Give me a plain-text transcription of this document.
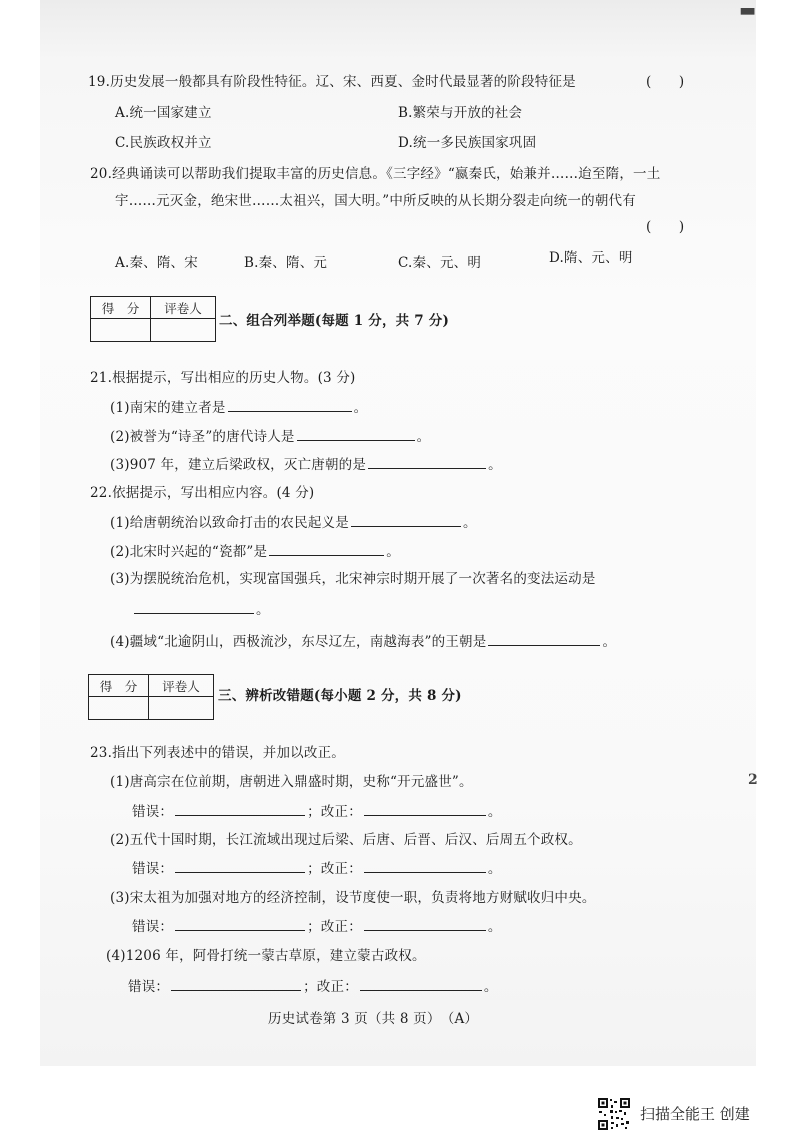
▬
19.历史发展一般都具有阶段性特征。辽、宋、西夏、金时代最显著的阶段特征是	(　　)
A.统一国家建立	B.繁荣与开放的社会
C.民族政权并立	D.统一多民族国家巩固
20.经典诵读可以帮助我们提取丰富的历史信息。《三字经》“嬴秦氏，始兼并……迨至隋，一土
宇……元灭金，绝宋世……太祖兴，国大明。”中所反映的从长期分裂走向统一的朝代有
(　　)
A.秦、隋、宋	B.秦、隋、元	C.秦、元、明	D.隋、元、明
得　分	评卷人
二、组合列举题(每题 1 分，共 7 分)
21.根据提示，写出相应的历史人物。(3 分)
(1)南宋的建立者是	。
(2)被誉为“诗圣”的唐代诗人是	。
(3)907 年，建立后梁政权，灭亡唐朝的是	。
22.依据提示，写出相应内容。(4 分)
(1)给唐朝统治以致命打击的农民起义是	。
(2)北宋时兴起的“瓷都”是	。
(3)为摆脱统治危机，实现富国强兵，北宋神宗时期开展了一次著名的变法运动是
。
(4)疆域“北逾阴山，西极流沙，东尽辽左，南越海表”的王朝是	。
得　分	评卷人
三、辨析改错题(每小题 2 分，共 8 分)
23.指出下列表述中的错误，并加以改正。
(1)唐高宗在位前期，唐朝进入鼎盛时期，史称“开元盛世”。
错误：	；改正：	。
(2)五代十国时期，长江流域出现过后梁、后唐、后晋、后汉、后周五个政权。
错误：	；改正：	。
(3)宋太祖为加强对地方的经济控制，设节度使一职，负责将地方财赋收归中央。
错误：	；改正：	。
(4)1206 年，阿骨打统一蒙古草原，建立蒙古政权。
错误：	；改正：	。
2
历史试卷第 3 页（共 8 页）　（A）
扫描全能王 创建
